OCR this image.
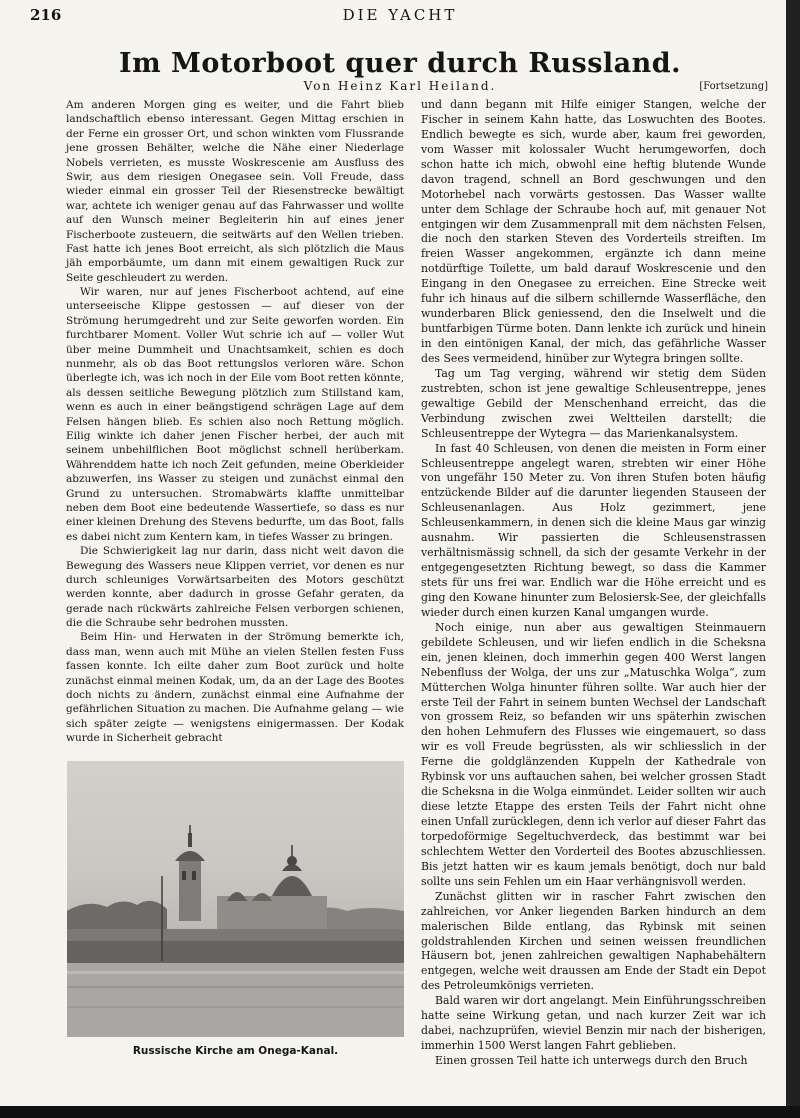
216	DIE YACHT
Im Motorboot quer durch Russland.
Von Heinz Karl Heiland.	[Fortsetzung]

Am anderen Morgen ging es weiter, und die Fahrt blieb landschaftlich ebenso interessant. Gegen Mittag erschien in der Ferne ein grosser Ort, und schon winkten vom Flussrande jene grossen Behälter, welche die Nähe einer Niederlage Nobels verrieten, es musste Woskrescenie am Ausfluss des Swir, aus dem riesigen Onegasee sein. Voll Freude, dass wieder einmal ein grosser Teil der Riesenstrecke bewältigt war, achtete ich weniger genau auf das Fahrwasser und wollte auf den Wunsch meiner Begleiterin hin auf eines jener Fischerboote zusteuern, die seitwärts auf den Wellen trieben. Fast hatte ich jenes Boot erreicht, als sich plötzlich die Maus jäh emporbäumte, um dann mit einem gewaltigen Ruck zur Seite geschleudert zu werden.

Wir waren, nur auf jenes Fischerboot achtend, auf eine unterseeische Klippe gestossen — auf dieser von der Strömung herumgedreht und zur Seite geworfen worden. Ein furchtbarer Moment. Voller Wut schrie ich auf — voller Wut über meine Dummheit und Unachtsamkeit, schien es doch nunmehr, als ob das Boot rettungslos verloren wäre. Schon überlegte ich, was ich noch in der Eile vom Boot retten könnte, als dessen seitliche Bewegung plötzlich zum Stillstand kam, wenn es auch in einer beängstigend schrägen Lage auf dem Felsen hängen blieb. Es schien also noch Rettung möglich. Eilig winkte ich daher jenen Fischer herbei, der auch mit seinem unbehilflichen Boot möglichst schnell herüberkam. Währenddem hatte ich noch Zeit gefunden, meine Oberkleider abzuwerfen, ins Wasser zu steigen und zunächst einmal den Grund zu untersuchen. Stromabwärts klaffte unmittelbar neben dem Boot eine bedeutende Wassertiefe, so dass es nur einer kleinen Drehung des Stevens bedurfte, um das Boot, falls es dabei nicht zum Kentern kam, in tiefes Wasser zu bringen.

Die Schwierigkeit lag nur darin, dass nicht weit davon die Bewegung des Wassers neue Klippen verriet, vor denen es nur durch schleuniges Vorwärtsarbeiten des Motors geschützt werden konnte, aber dadurch in grosse Gefahr geraten, da gerade nach rückwärts zahlreiche Felsen verborgen schienen, die die Schraube sehr bedrohen mussten.

Beim Hin- und Herwaten in der Strömung bemerkte ich, dass man, wenn auch mit Mühe an vielen Stellen festen Fuss fassen konnte. Ich eilte daher zum Boot zurück und holte zunächst einmal meinen Kodak, um, da an der Lage des Bootes doch nichts zu ändern, zunächst einmal eine Aufnahme der gefährlichen Situation zu machen. Die Aufnahme gelang — wie sich später zeigte — wenigstens einigermassen. Der Kodak wurde in Sicherheit gebracht

Russische Kirche am Onega-Kanal.

und dann begann mit Hilfe einiger Stangen, welche der Fischer in seinem Kahn hatte, das Loswuchten des Bootes. Endlich bewegte es sich, wurde aber, kaum frei geworden, vom Wasser mit kolossaler Wucht herumgeworfen, doch schon hatte ich mich, obwohl eine heftig blutende Wunde davon tragend, schnell an Bord geschwungen und den Motorhebel nach vorwärts gestossen. Das Wasser wallte unter dem Schlage der Schraube hoch auf, mit genauer Not entgingen wir dem Zusammenprall mit dem nächsten Felsen, die noch den starken Steven des Vorderteils streiften. Im freien Wasser angekommen, ergänzte ich dann meine notdürftige Toilette, um bald darauf Woskrescenie und den Eingang in den Onegasee zu erreichen. Eine Strecke weit fuhr ich hinaus auf die silbern schillernde Wasserfläche, den wunderbaren Blick geniessend, den die Inselwelt und die buntfarbigen Türme boten. Dann lenkte ich zurück und hinein in den eintönigen Kanal, der mich, das gefährliche Wasser des Sees vermeidend, hinüber zur Wytegra bringen sollte.

Tag um Tag verging, während wir stetig dem Süden zustrebten, schon ist jene gewaltige Schleusentreppe, jenes gewaltige Gebild der Menschenhand erreicht, das die Verbindung zwischen zwei Weltteilen darstellt; die Schleusentreppe der Wytegra — das Marienkanalsystem.

In fast 40 Schleusen, von denen die meisten in Form einer Schleusentreppe angelegt waren, strebten wir einer Höhe von ungefähr 150 Meter zu. Von ihren Stufen boten häufig entzückende Bilder auf die darunter liegenden Stauseen der Schleusenanlagen. Aus Holz gezimmert, jene Schleusenkammern, in denen sich die kleine Maus gar winzig ausnahm. Wir passierten die Schleusenstrassen verhältnismässig schnell, da sich der gesamte Verkehr in der entgegengesetzten Richtung bewegt, so dass die Kammer stets für uns frei war. Endlich war die Höhe erreicht und es ging den Kowane hinunter zum Belosiersk-See, der gleichfalls wieder durch einen kurzen Kanal umgangen wurde.

Noch einige, nun aber aus gewaltigen Steinmauern gebildete Schleusen, und wir liefen endlich in die Scheksna ein, jenen kleinen, doch immerhin gegen 400 Werst langen Nebenfluss der Wolga, der uns zur „Matuschka Wolga“, zum Mütterchen Wolga hinunter führen sollte. War auch hier der erste Teil der Fahrt in seinem bunten Wechsel der Landschaft von grossem Reiz, so befanden wir uns späterhin zwischen den hohen Lehmufern des Flusses wie eingemauert, so dass wir es voll Freude begrüssten, als wir schliesslich in der Ferne die goldglänzenden Kuppeln der Kathedrale von Rybinsk vor uns auftauchen sahen, bei welcher grossen Stadt die Scheksna in die Wolga einmündet. Leider sollten wir auch diese letzte Etappe des ersten Teils der Fahrt nicht ohne einen Unfall zurücklegen, denn ich verlor auf dieser Fahrt das torpedoförmige Segeltuchverdeck, das bestimmt war bei schlechtem Wetter den Vorderteil des Bootes abzuschliessen. Bis jetzt hatten wir es kaum jemals benötigt, doch nur bald sollte uns sein Fehlen um ein Haar verhängnisvoll werden.

Zunächst glitten wir in rascher Fahrt zwischen den zahlreichen, vor Anker liegenden Barken hindurch an dem malerischen Bilde entlang, das Rybinsk mit seinen goldstrahlenden Kirchen und seinen weissen freundlichen Häusern bot, jenen zahlreichen gewaltigen Naphabehältern entgegen, welche weit draussen am Ende der Stadt ein Depot des Petroleumkönigs verrieten.

Bald waren wir dort angelangt. Mein Einführungsschreiben hatte seine Wirkung getan, und nach kurzer Zeit war ich dabei, nachzuprüfen, wieviel Benzin mir nach der bisherigen, immerhin 1500 Werst langen Fahrt geblieben.

Einen grossen Teil hatte ich unterwegs durch den Bruch
